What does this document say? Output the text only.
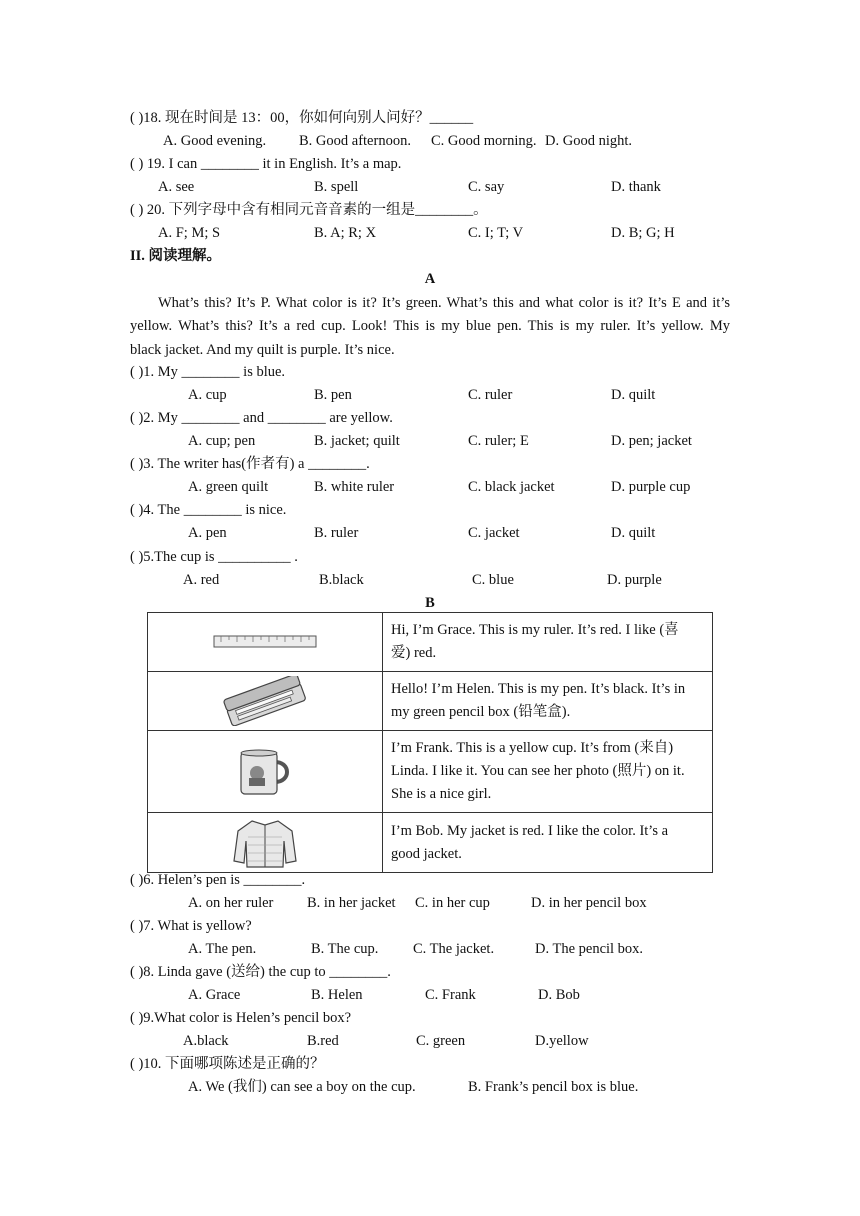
( )18. 现在时间是 13：00，你如何向别人问好？______
A. Good evening. B. Good afternoon. C. Good morning. D. Good night.
( ) 19. I can ________ it in English. It’s a map.
A. see	B. spell	C. say	D. thank
( ) 20. 下列字母中含有相同元音音素的一组是________。
A. F; M; S	B. A; R; X	C. I; T; V	D. B; G; H
II. 阅读理解。
A
What’s this? It’s P. What color is it? It’s green. What’s this and what color is it? It’s E and it’s
yellow. What’s this? It’s a red cup. Look! This is my blue pen. This is my ruler. It’s yellow. My
black jacket. And my quilt is purple. It’s nice.
( )1. My ________ is blue.
A. cup	B. pen	C. ruler	D. quilt
( )2. My ________ and ________ are yellow.
A. cup; pen	B. jacket; quilt	C. ruler; E	D. pen; jacket
( )3. The writer has(作者有) a ________.
A. green quilt	B. white ruler	C. black jacket	D. purple cup
( )4. The ________ is nice.
A. pen	B. ruler	C. jacket	D. quilt
( )5.The cup is __________ .
A. red	B.black	C. blue	D. purple
B

Hi, I’m Grace. This is my ruler. It’s red. I like (喜
爱) red.

Hello! I’m Helen. This is my pen. It’s black. It’s in
my green pencil box (铅笔盒).

I’m Frank. This is a yellow cup. It’s from (来自)
Linda. I like it. You can see her photo (照片) on it.
She is a nice girl.

I’m Bob. My jacket is red. I like the color. It’s a
good jacket.
( )6. Helen’s pen is ________.
A. on her ruler B. in her jacket C. in her cup	D. in her pencil box
( )7. What is yellow?
A. The pen.	B. The cup. C. The jacket.	D. The pencil box.
( )8. Linda gave (送给) the cup to ________.
A. Grace	B. Helen	C. Frank	D. Bob
( )9.What color is Helen’s pencil box?
A.black	B.red	C. green	D.yellow
( )10. 下面哪项陈述是正确的？
A. We (我们) can see a boy on the cup.	B. Frank’s pencil box is blue.
